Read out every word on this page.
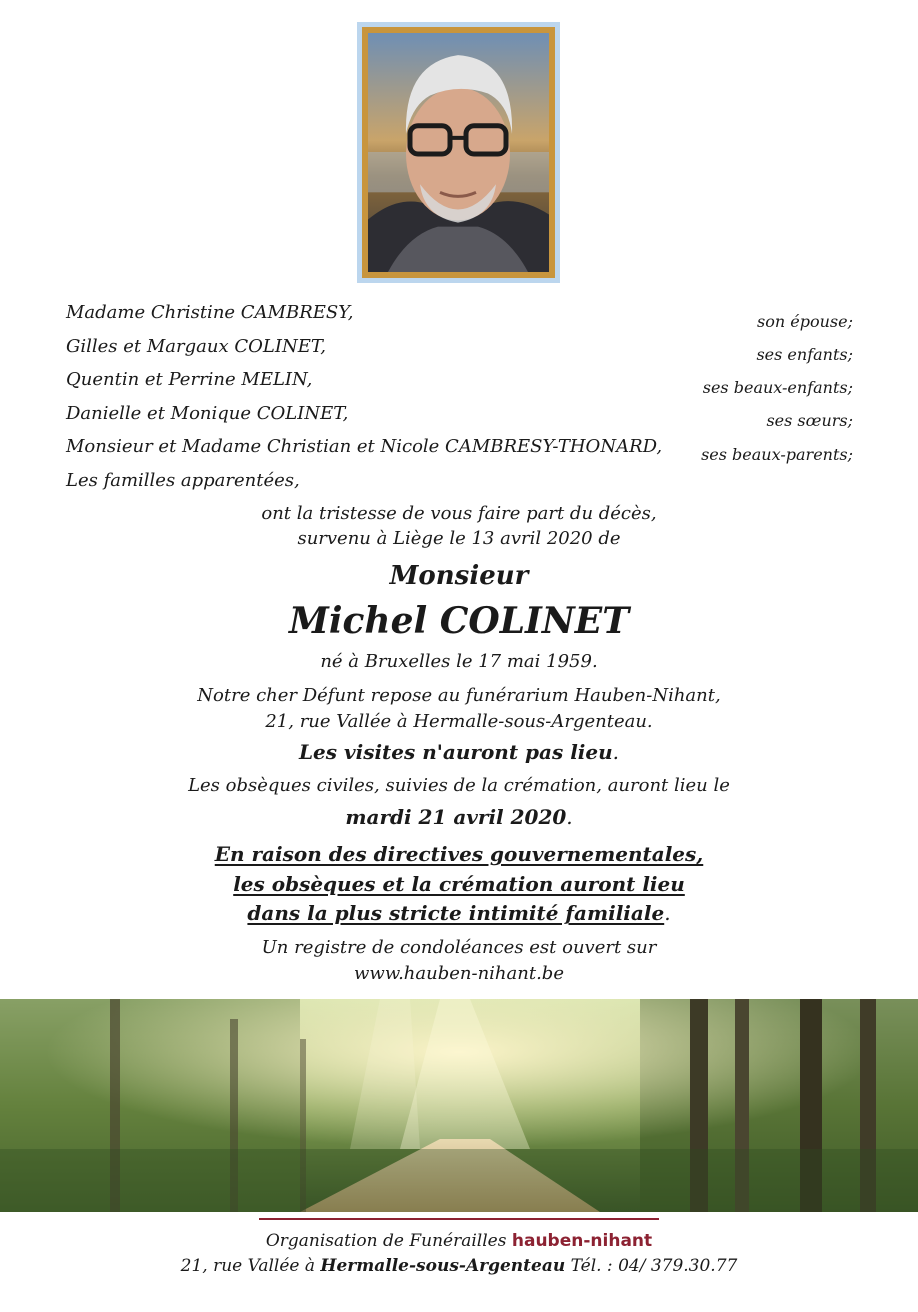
Madame Christine CAMBRESY,	son épouse;
Gilles et Margaux COLINET,	ses enfants;
Quentin et Perrine MELIN,	ses beaux-enfants;
Danielle et Monique COLINET,	ses sœurs;
Monsieur et Madame Christian et Nicole CAMBRESY-THONARD, ses beaux-parents;
Les familles apparentées,
ont la tristesse de vous faire part du décès,
survenu à Liège le 13 avril 2020 de
Monsieur
Michel COLINET
né à Bruxelles le 17 mai 1959.
Notre cher Défunt repose au funérarium Hauben-Nihant,
21, rue Vallée à Hermalle-sous-Argenteau.
Les visites n'auront pas lieu.
Les obsèques civiles, suivies de la crémation, auront lieu le
mardi 21 avril 2020.
En raison des directives gouvernementales,
les obsèques et la crémation auront lieu
dans la plus stricte intimité familiale.
Un registre de condoléances est ouvert sur
www.hauben-nihant.be
Organisation de Funérailles hauben-nihant
21, rue Vallée à Hermalle-sous-Argenteau Tél. : 04/ 379.30.77
